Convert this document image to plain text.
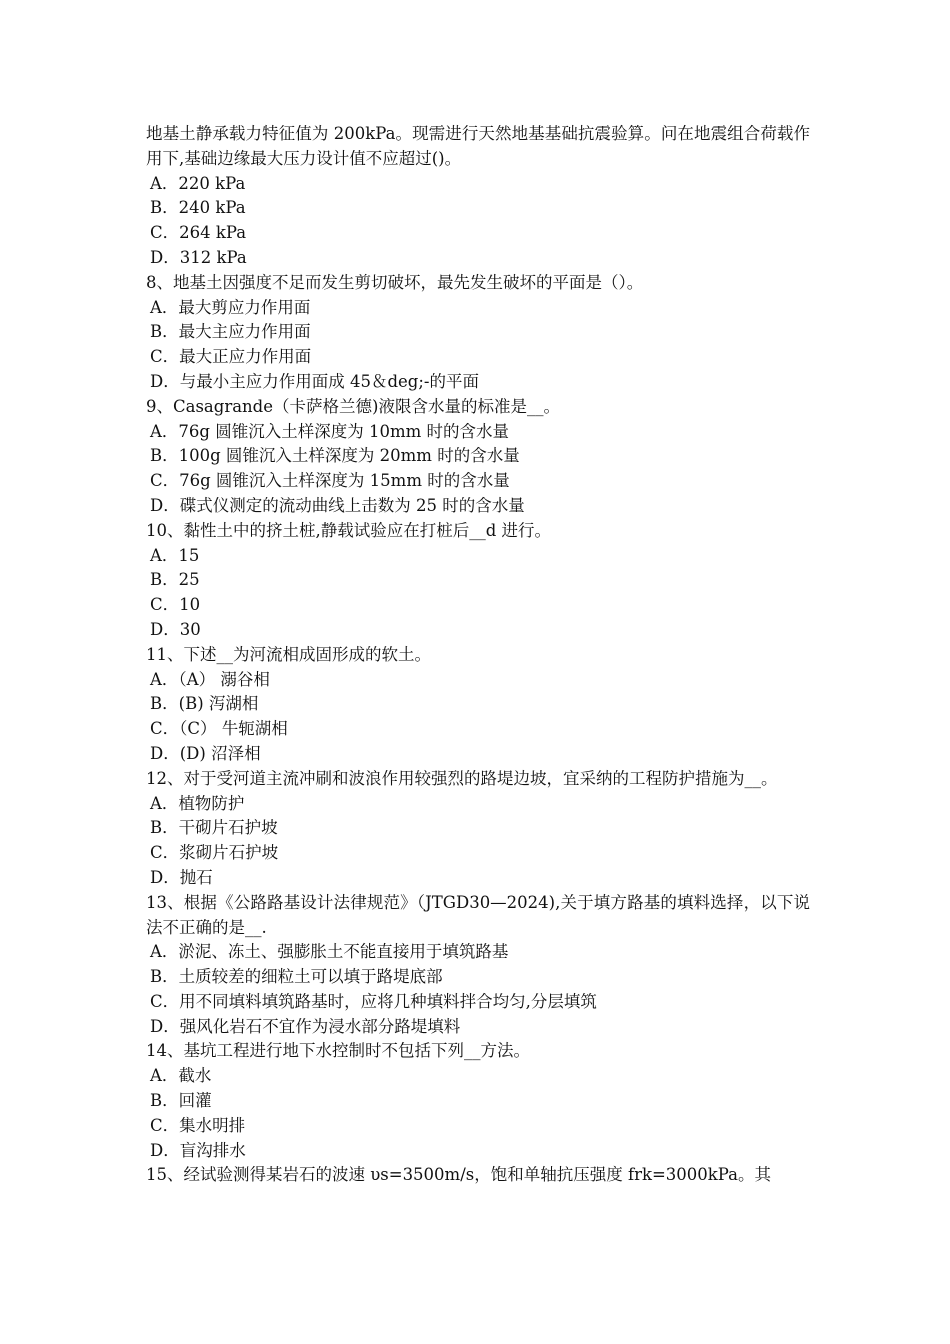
地基土静承载力特征值为 200kPa。现需进行天然地基基础抗震验算。问在地震组合荷载作用下,基础边缘最大压力设计值不应超过()。
A．220 kPa
B．240 kPa
C．264 kPa
D．312 kPa
8、地基土因强度不足而发生剪切破坏，最先发生破坏的平面是（）。
A．最大剪应力作用面
B．最大主应力作用面
C．最大正应力作用面
D．与最小主应力作用面成 45＆deg;-的平面
9、Casagrande（卡萨格兰德)液限含水量的标准是__。
A．76g 圆锥沉入土样深度为 10mm 时的含水量
B．100g 圆锥沉入土样深度为 20mm 时的含水量
C．76g 圆锥沉入土样深度为 15mm 时的含水量
D．碟式仪测定的流动曲线上击数为 25 时的含水量
10、黏性土中的挤土桩,静载试验应在打桩后__d 进行。
A．15
B．25
C．10
D．30
11、下述__为河流相成固形成的软土。
A．（A） 溺谷相
B．(B) 泻湖相
C．（C） 牛轭湖相
D．(D) 沼泽相
12、对于受河道主流冲刷和波浪作用较强烈的路堤边坡，宜采纳的工程防护措施为__。
A．植物防护
B．干砌片石护坡
C．浆砌片石护坡
D．抛石
13、根据《公路路基设计法律规范》（JTGD30—2024),关于填方路基的填料选择，以下说法不正确的是__.
A．淤泥、冻土、强膨胀土不能直接用于填筑路基
B．土质较差的细粒土可以填于路堤底部
C．用不同填料填筑路基时，应将几种填料拌合均匀,分层填筑
D．强风化岩石不宜作为浸水部分路堤填料
14、基坑工程进行地下水控制时不包括下列__方法。
A．截水
B．回灌
C．集水明排
D．盲沟排水
15、经试验测得某岩石的波速 υs=3500m/s，饱和单轴抗压强度 frk=3000kPa。其
